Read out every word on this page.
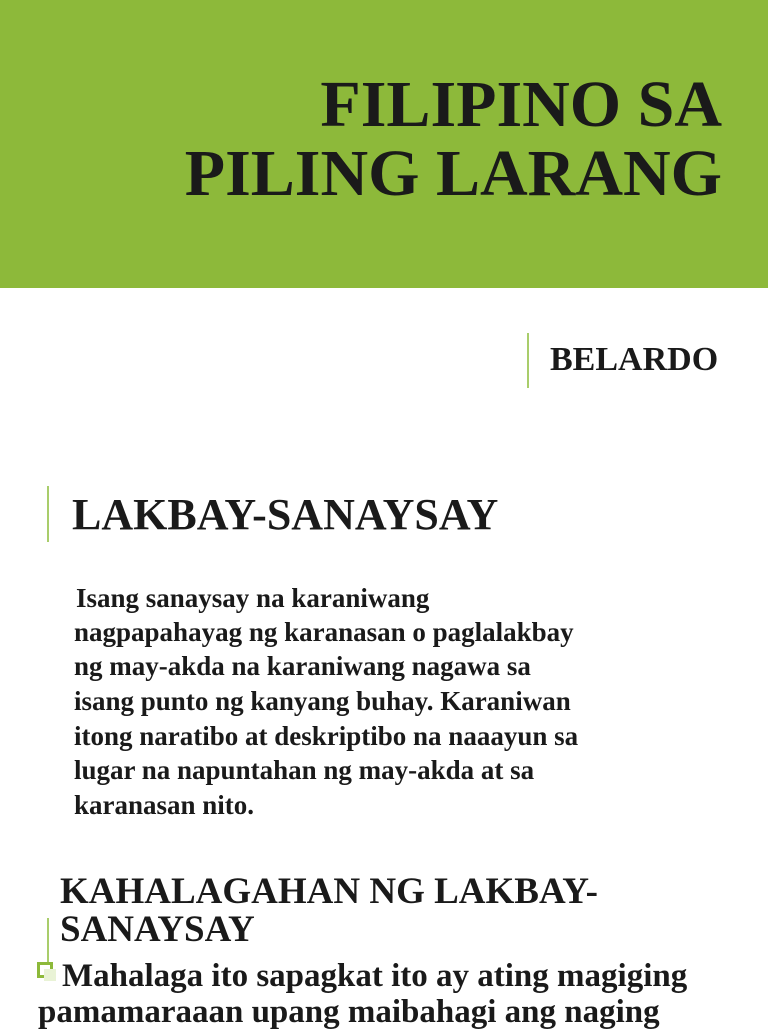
FILIPINO SA
PILING LARANG

BELARDO

LAKBAY-SANAYSAY

Isang sanaysay na karaniwang

nagpapahayag ng karanasan o paglalakbay

ng may-akda na karaniwang nagawa sa

isang punto ng kanyang buhay. Karaniwan

itong naratibo at deskriptibo na naaayun sa

lugar na napuntahan ng may-akda at sa

karanasan nito.

KAHALAGAHAN NG LAKBAY-
SANAYSAY

Mahalaga ito sapagkat ito ay ating magiging

pamamaraaan upang maibahagi ang naging
